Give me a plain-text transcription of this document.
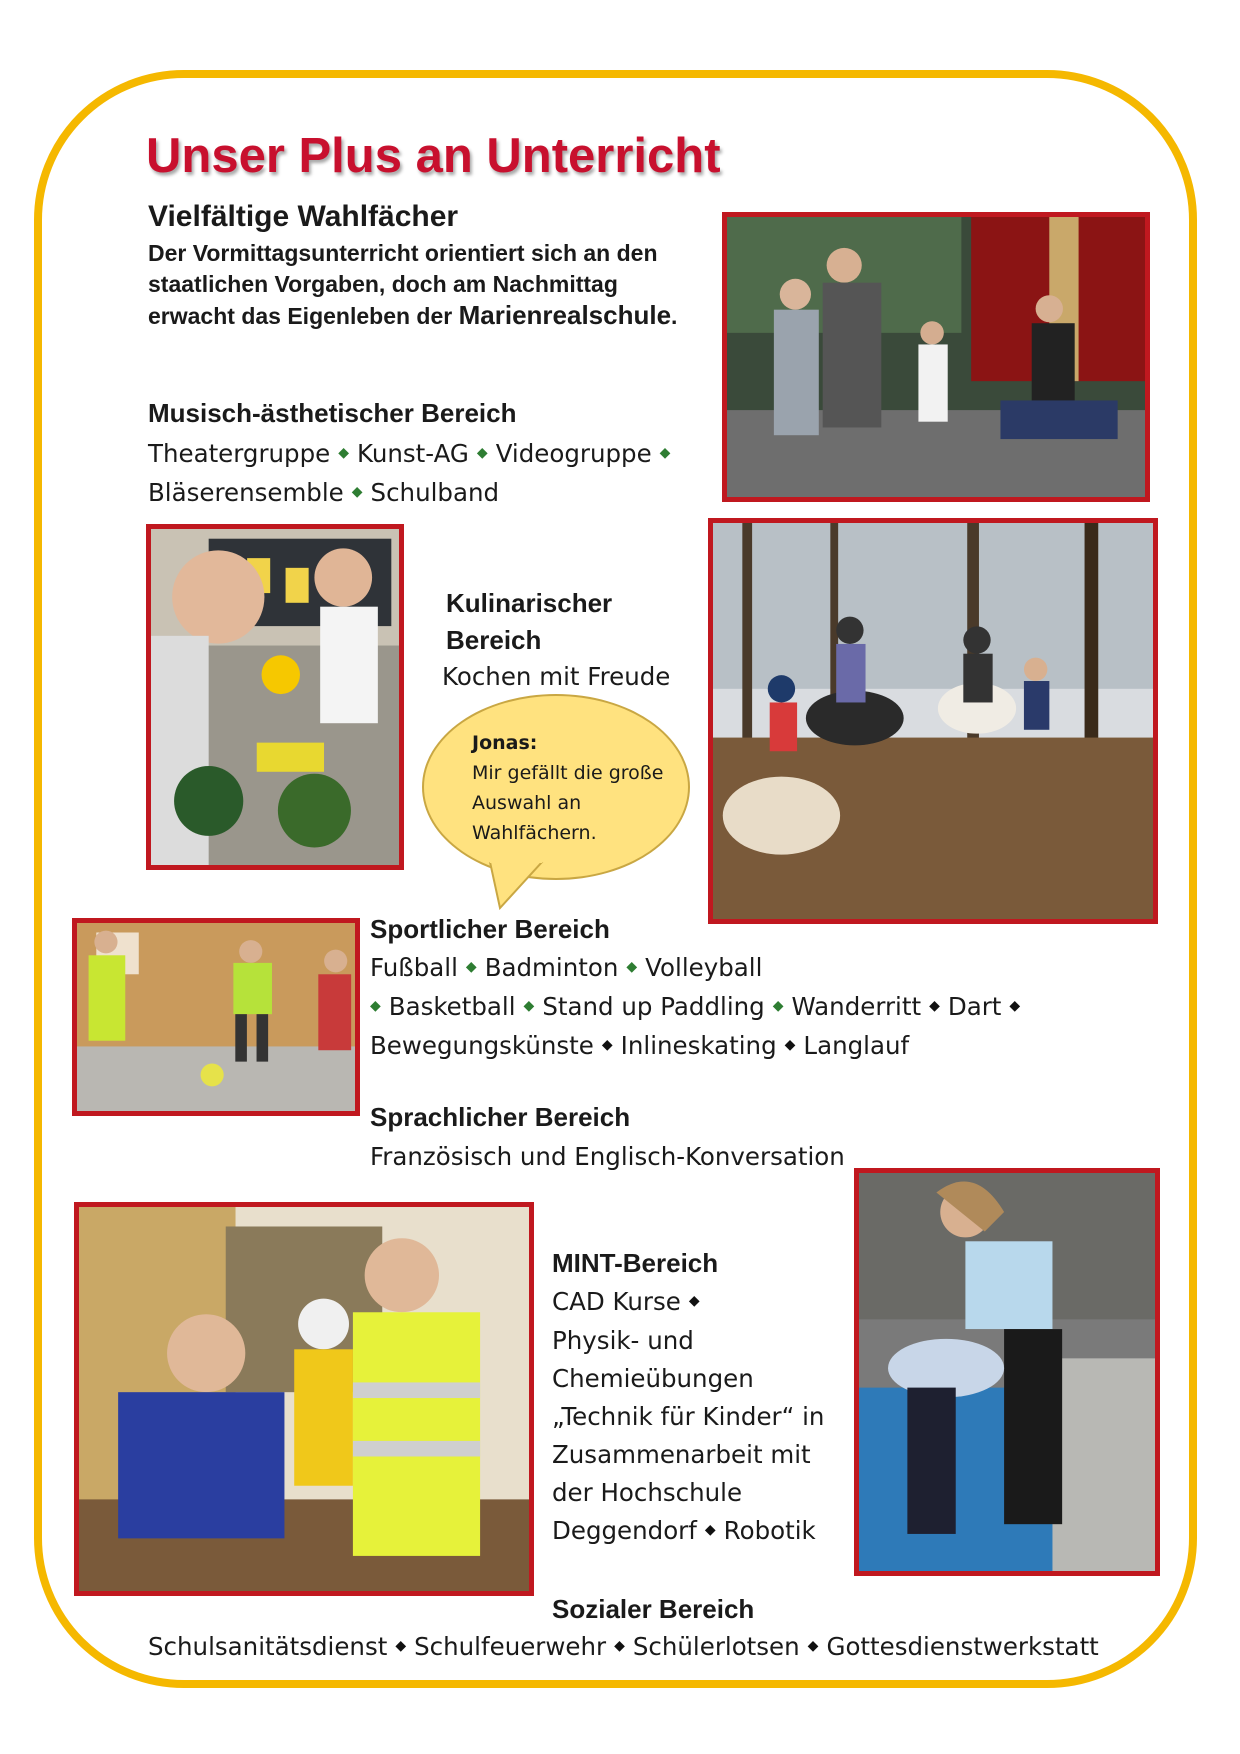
Unser Plus an Unterricht
Vielfältige Wahlfächer
Der Vormittagsunterricht orientiert sich an den staatlichen Vorgaben, doch am Nachmittag erwacht das Eigenleben der Marienrealschule.
Musisch-ästhetischer Bereich
Theatergruppe ◆ Kunst-AG ◆ Videogruppe ◆
Bläserensemble ◆ Schulband
Kulinarischer
Bereich
Kochen mit Freude
Jonas:
Mir gefällt die große Auswahl an Wahlfächern.
Sportlicher Bereich
Fußball ◆ Badminton ◆ Volleyball
◆ Basketball ◆ Stand up Paddling ◆ Wanderritt ◆ Dart ◆
Bewegungskünste ◆ Inlineskating ◆ Langlauf
Sprachlicher Bereich
Französisch und Englisch-Konversation
MINT-Bereich
CAD Kurse ◆
Physik- und
Chemieübungen
„Technik für Kinder“ in
Zusammenarbeit mit
der Hochschule
Deggendorf ◆ Robotik
Sozialer Bereich
Schulsanitätsdienst ◆ Schulfeuerwehr ◆ Schülerlotsen ◆ Gottesdienstwerkstatt
